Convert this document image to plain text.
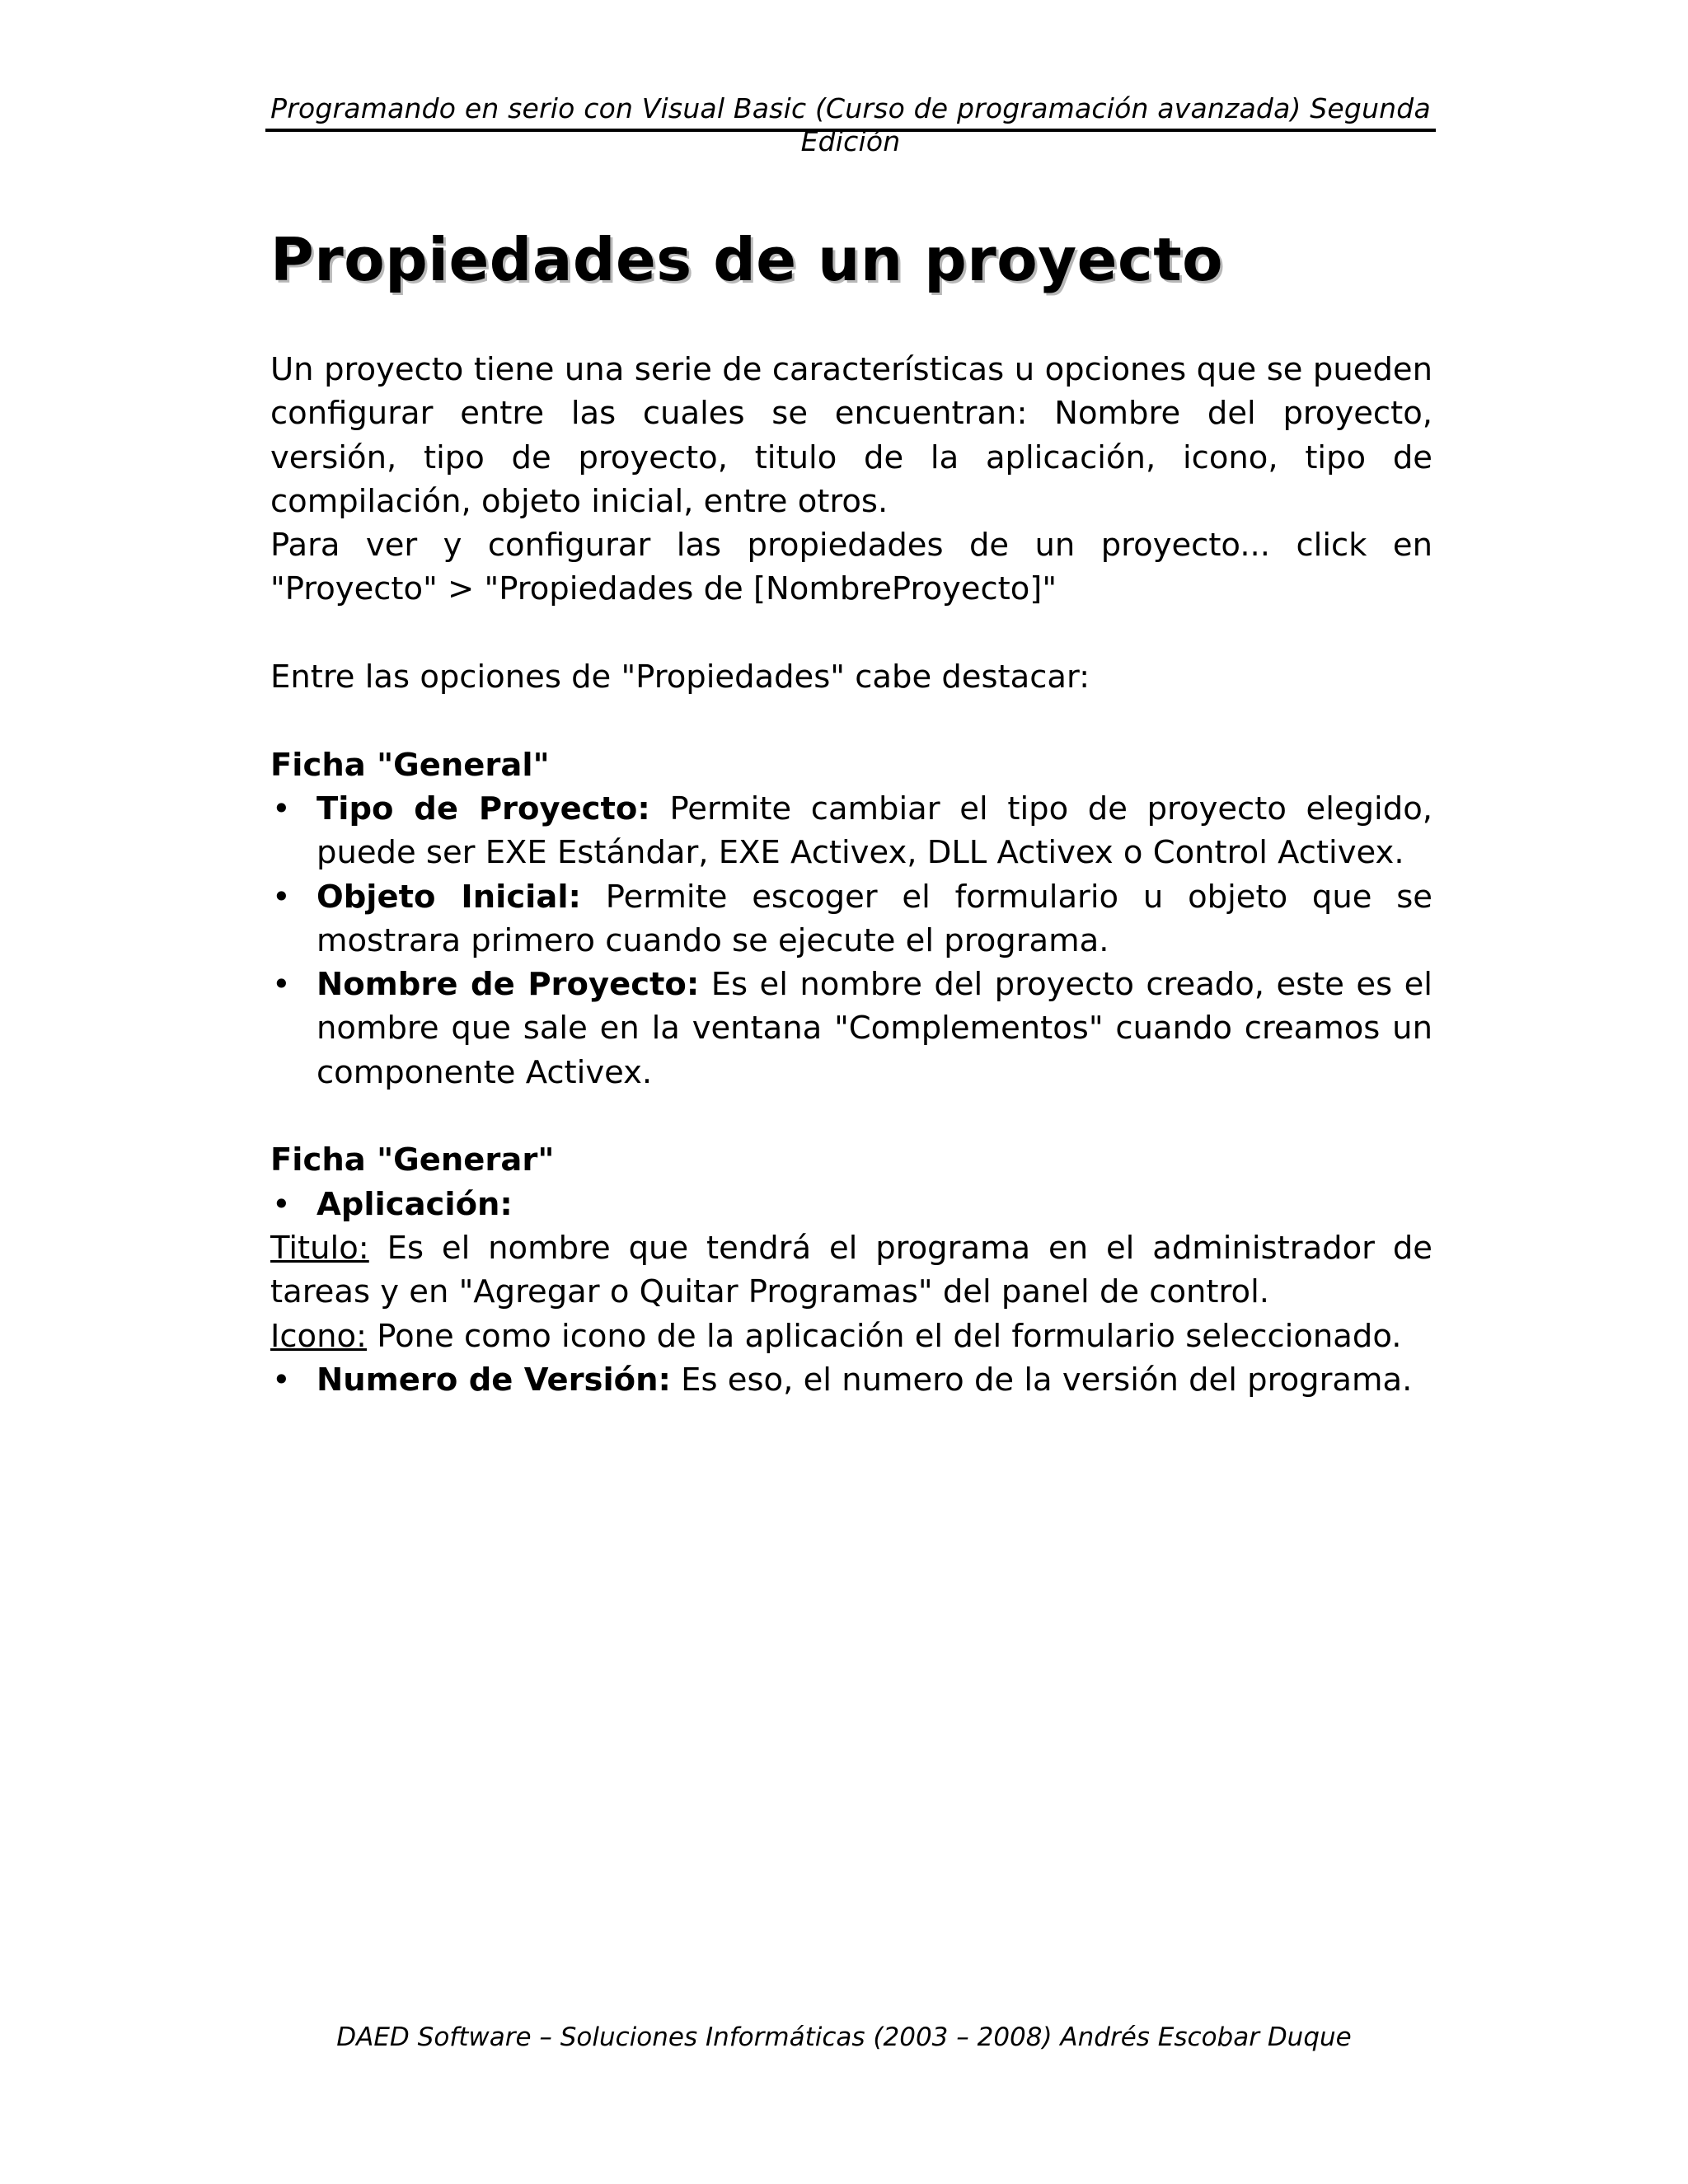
Programando en serio con Visual Basic (Curso de programación avanzada) Segunda Edición
Propiedades de un proyecto

Un proyecto tiene una serie de características u opciones que se pueden configurar entre las cuales se encuentran: Nombre del proyecto, versión, tipo de proyecto, titulo de la aplicación, icono, tipo de compilación, objeto inicial, entre otros.

Para ver y configurar las propiedades de un proyecto... click en "Proyecto" > "Propiedades de [NombreProyecto]"

Entre las opciones de "Propiedades" cabe destacar:

Ficha "General"

• Tipo de Proyecto: Permite cambiar el tipo de proyecto elegido, puede ser EXE Estándar, EXE Activex, DLL Activex o Control Activex.
• Objeto Inicial: Permite escoger el formulario u objeto que se mostrara primero cuando se ejecute el programa.
• Nombre de Proyecto: Es el nombre del proyecto creado, este es el nombre que sale en la ventana "Complementos" cuando creamos un componente Activex.

Ficha "Generar"

• Aplicación:

Titulo: Es el nombre que tendrá el programa en el administrador de tareas y en "Agregar o Quitar Programas" del panel de control.

Icono: Pone como icono de la aplicación el del formulario seleccionado.

• Numero de Versión: Es eso, el numero de la versión del programa.
DAED Software – Soluciones Informáticas (2003 – 2008) Andrés Escobar Duque
